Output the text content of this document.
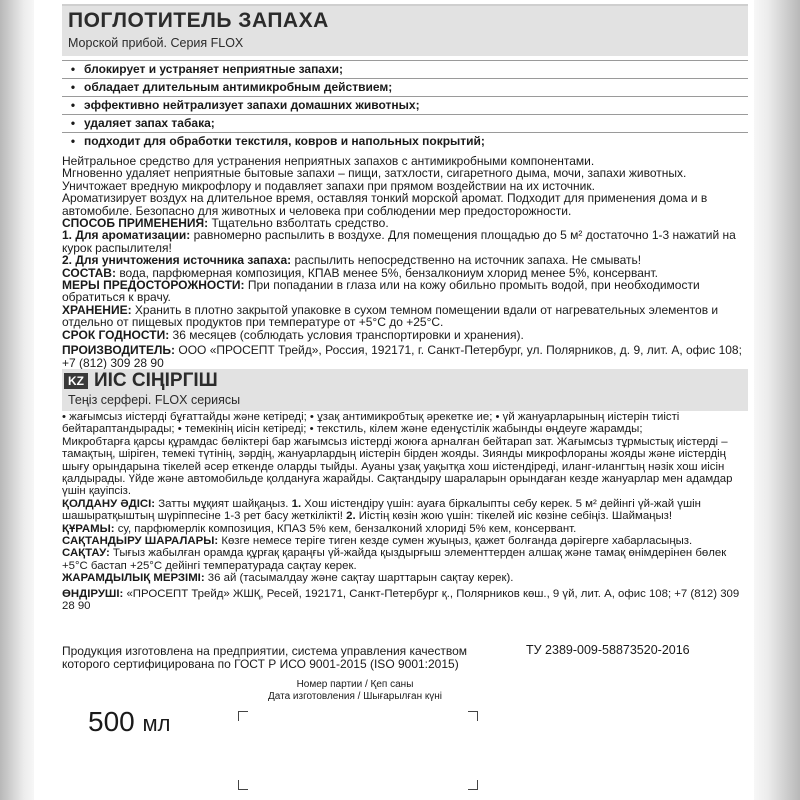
ПОГЛОТИТЕЛЬ ЗАПАХА
Морской прибой. Серия FLOX
• блокирует и устраняет неприятные запахи;
• обладает длительным антимикробным действием;
• эффективно нейтрализует запахи домашних животных;
• удаляет запах табака;
• подходит для обработки текстиля, ковров и напольных покрытий;
Нейтральное средство для устранения неприятных запахов с антимикробными компонентами.
Мгновенно удаляет неприятные бытовые запахи – пищи, затхлости, сигаретного дыма, мочи, запахи животных. Уничтожает вредную микрофлору и подавляет запахи при прямом воздействии на их источник.
Ароматизирует воздух на длительное время, оставляя тонкий морской аромат. Подходит для применения дома и в автомобиле. Безопасно для животных и человека при соблюдении мер предосторожности.
СПОСОБ ПРИМЕНЕНИЯ: Тщательно взболтать средство.
1. Для ароматизации: равномерно распылить в воздухе. Для помещения площадью до 5 м² достаточно 1-3 нажатий на курок распылителя!
2. Для уничтожения источника запаха: распылить непосредственно на источник запаха. Не смывать!
СОСТАВ: вода, парфюмерная композиция, КПАВ менее 5%, бензалкониум хлорид менее 5%, консервант.
МЕРЫ ПРЕДОСТОРОЖНОСТИ: При попадании в глаза или на кожу обильно промыть водой, при необходимости обратиться к врачу.
ХРАНЕНИЕ: Хранить в плотно закрытой упаковке в сухом темном помещении вдали от нагревательных элементов и отдельно от пищевых продуктов при температуре от +5°С до +25°С.
СРОК ГОДНОСТИ: 36 месяцев (соблюдать условия транспортировки и хранения).
ПРОИЗВОДИТЕЛЬ: ООО «ПРОСЕПТ Трейд», Россия, 192171, г. Санкт-Петербург, ул. Полярников, д. 9, лит. А, офис 108; +7 (812) 309 28 90
KZ ИІС СІҢІРГІШ
Теңіз серфері. FLOX сериясы
• жағымсыз иістерді бұғаттайды және кетіреді; • ұзақ антимикробтық әрекетке ие; • үй жануарларының иістерін тиісті бейтараптандырады; • темекінің иісін кетіреді; • текстиль, кілем және еденұстілік жабынды өңдеуге жарамды;
Микробтарға қарсы құрамдас бөліктері бар жағымсыз иістерді жоюға арналған бейтарап зат. Жағымсыз тұрмыстық иістерді – тамақтың, шіріген, темекі түтінің, зәрдің, жануарлардың иістерін бірден жояды. Зиянды микрофлораны жояды және иістердің шығу орындарына тікелей әсер еткенде оларды тыйды. Ауаны ұзақ уақытқа хош иістендіреді, иланг-илангтың нәзік хош иісін қалдырады. Үйде және автомобильде қолдануға жарайды. Сақтандыру шараларын орындаған кезде жануарлар мен адамдар үшін қауіпсіз.
ҚОЛДАНУ ӘДІСІ: Затты мұқият шайқаңыз. 1. Хош иістендіру үшін: ауаға біркалыпты себу керек. 5 м² дейінгі үй-жай үшін шашыратқыштың шүріппесіне 1-3 рет басу жеткілікті! 2. Иістің көзін жою үшін: тікелей иіс көзіне себіңіз. Шаймаңыз!
ҚҰРАМЫ: су, парфюмерлік композиция, КПАЗ 5% кем, бензалконий хлориді 5% кем, консервант.
САҚТАНДЫРУ ШАРАЛАРЫ: Көзге немесе теріге тиген кезде сумен жуыңыз, қажет болғанда дәрігерге хабарласыңыз.
САҚТАУ: Тығыз жабылған орамда құрғақ қараңғы үй-жайда қыздырғыш элементтерден алшақ және тамақ өнімдерінен бөлек +5°С бастап +25°С дейінгі температурада сақтау керек.
ЖАРАМДЫЛЫҚ МЕРЗІМІ: 36 ай (тасымалдау және сақтау шарттарын сақтау керек).
ӨНДІРУШІ: «ПРОСЕПТ Трейд» ЖШҚ, Ресей, 192171, Санкт-Петербург қ., Полярников көш., 9 үй, лит. А, офис 108; +7 (812) 309 28 90
Продукция изготовлена на предприятии, система управления качеством которого сертифицирована по ГОСТ Р ИСО 9001-2015 (ISO 9001:2015)
ТУ 2389-009-58873520-2016
500 мл
Номер партии / Қеп саны
Дата изготовления / Шығарылған күні
